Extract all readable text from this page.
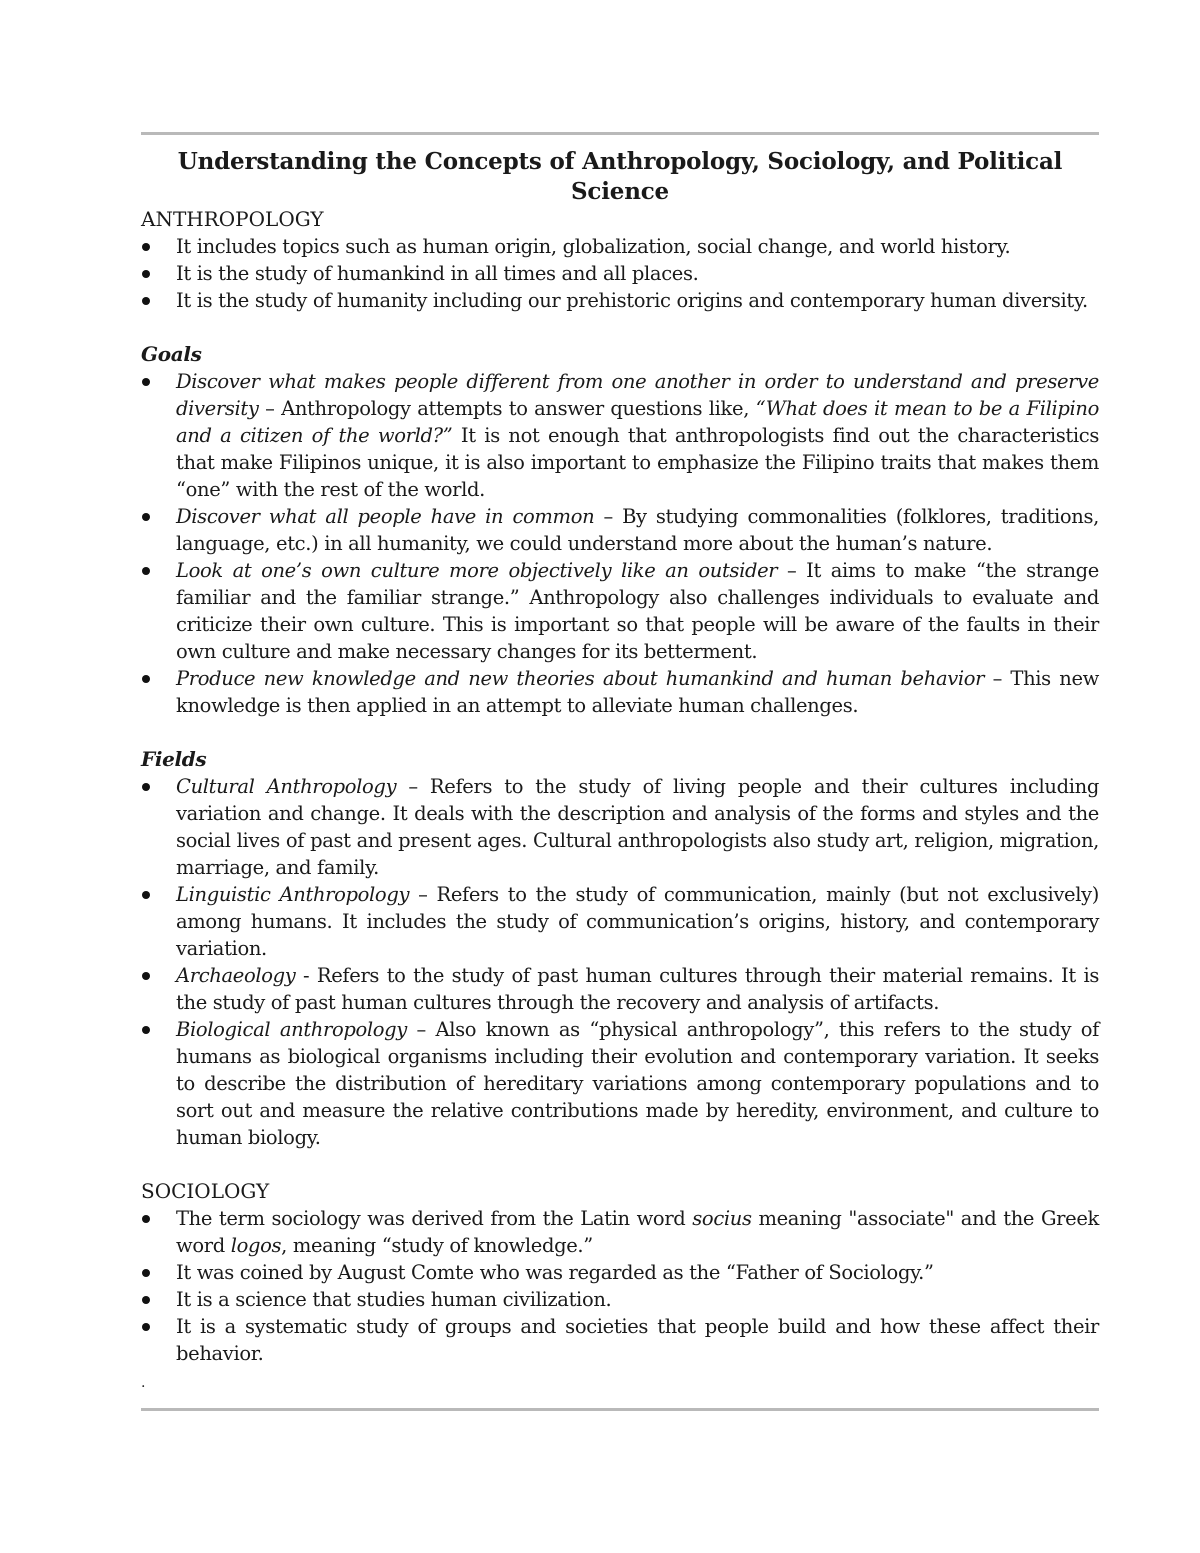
Understanding the Concepts of Anthropology, Sociology, and Political Science
ANTHROPOLOGY
It includes topics such as human origin, globalization, social change, and world history.
It is the study of humankind in all times and all places.
It is the study of humanity including our prehistoric origins and contemporary human diversity.
Goals
Discover what makes people different from one another in order to understand and preserve diversity – Anthropology attempts to answer questions like, “What does it mean to be a Filipino and a citizen of the world?” It is not enough that anthropologists find out the characteristics that make Filipinos unique, it is also important to emphasize the Filipino traits that makes them “one” with the rest of the world.
Discover what all people have in common – By studying commonalities (folklores, traditions, language, etc.) in all humanity, we could understand more about the human’s nature.
Look at one’s own culture more objectively like an outsider – It aims to make “the strange familiar and the familiar strange.” Anthropology also challenges individuals to evaluate and criticize their own culture. This is important so that people will be aware of the faults in their own culture and make necessary changes for its betterment.
Produce new knowledge and new theories about humankind and human behavior – This new knowledge is then applied in an attempt to alleviate human challenges.
Fields
Cultural Anthropology – Refers to the study of living people and their cultures including variation and change. It deals with the description and analysis of the forms and styles and the social lives of past and present ages. Cultural anthropologists also study art, religion, migration, marriage, and family.
Linguistic Anthropology – Refers to the study of communication, mainly (but not exclusively) among humans. It includes the study of communication’s origins, history, and contemporary variation.
Archaeology - Refers to the study of past human cultures through their material remains. It is the study of past human cultures through the recovery and analysis of artifacts.
Biological anthropology – Also known as “physical anthropology”, this refers to the study of humans as biological organisms including their evolution and contemporary variation. It seeks to describe the distribution of hereditary variations among contemporary populations and to sort out and measure the relative contributions made by heredity, environment, and culture to human biology.
SOCIOLOGY
The term sociology was derived from the Latin word socius meaning "associate" and the Greek word logos, meaning “study of knowledge.”
It was coined by August Comte who was regarded as the “Father of Sociology.”
It is a science that studies human civilization.
It is a systematic study of groups and societies that people build and how these affect their behavior.
.
